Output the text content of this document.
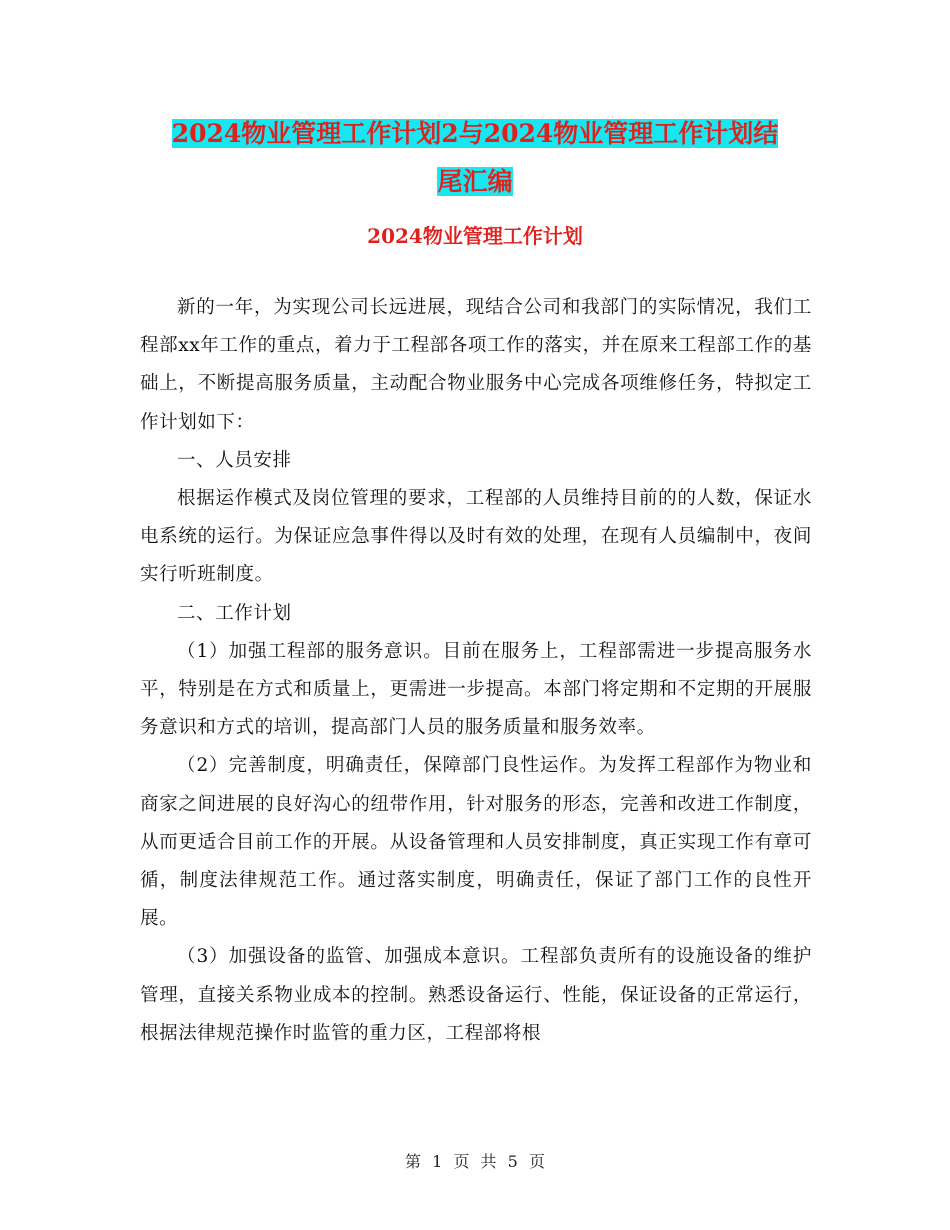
2024物业管理工作计划2与2024物业管理工作计划结
尾汇编
2024物业管理工作计划

新的一年，为实现公司长远进展，现结合公司和我部门的实际情况，我们工程部xx年工作的重点，着力于工程部各项工作的落实，并在原来工程部工作的基础上，不断提高服务质量，主动配合物业服务中心完成各项维修任务，特拟定工作计划如下：

一、人员安排

根据运作模式及岗位管理的要求，工程部的人员维持目前的的人数，保证水电系统的运行。为保证应急事件得以及时有效的处理，在现有人员编制中，夜间实行听班制度。

二、工作计划

（1）加强工程部的服务意识。目前在服务上，工程部需进一步提高服务水平，特别是在方式和质量上，更需进一步提高。本部门将定期和不定期的开展服务意识和方式的培训，提高部门人员的服务质量和服务效率。

（2）完善制度，明确责任，保障部门良性运作。为发挥工程部作为物业和商家之间进展的良好沟心的纽带作用，针对服务的形态，完善和改进工作制度，从而更适合目前工作的开展。从设备管理和人员安排制度，真正实现工作有章可循，制度法律规范工作。通过落实制度，明确责任，保证了部门工作的良性开展。

（3）加强设备的监管、加强成本意识。工程部负责所有的设施设备的维护管理，直接关系物业成本的控制。熟悉设备运行、性能，保证设备的正常运行，根据法律规范操作时监管的重力区，工程部将根

第 1 页 共 5 页
